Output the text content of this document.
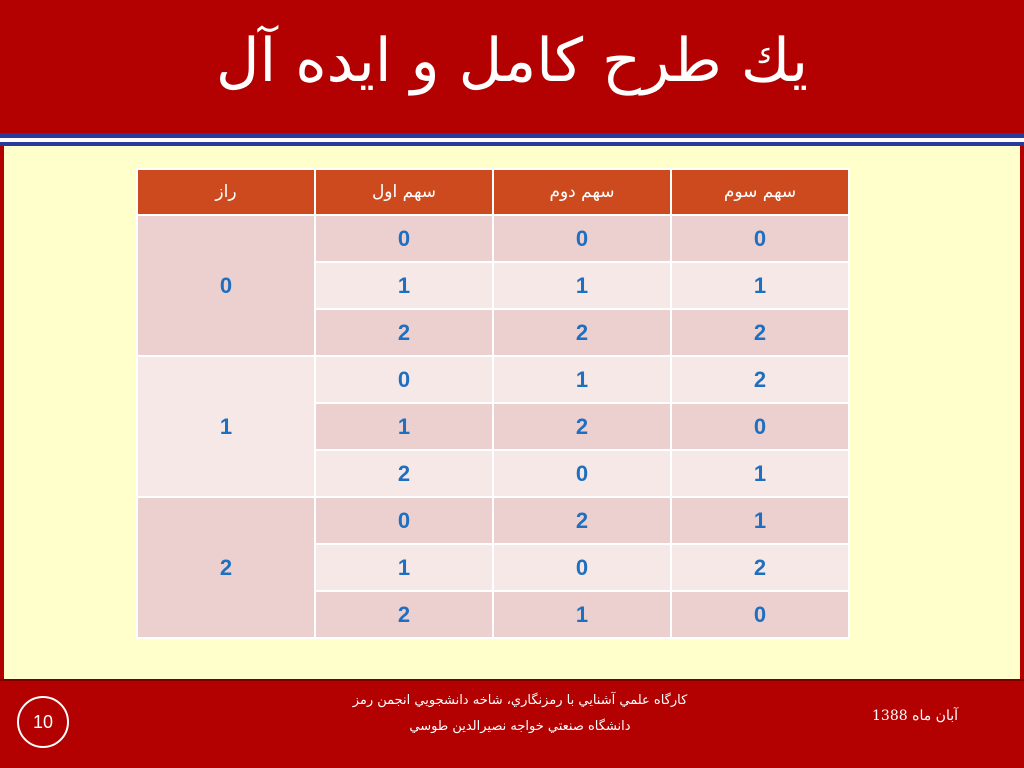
يك طرح كامل و ايده آل
راز	سهم اول	سهم دوم	سهم سوم
0	0	0	0
	1	1	1
	2	2	2
1	0	1	2
	1	2	0
	2	0	1
2	0	2	1
	1	0	2
	2	1	0
10
كارگاه علمي آشنايي با رمزنگاري، شاخه دانشجويي انجمن رمز
دانشگاه صنعتي خواجه نصيرالدين طوسي
آبان ماه 1388
